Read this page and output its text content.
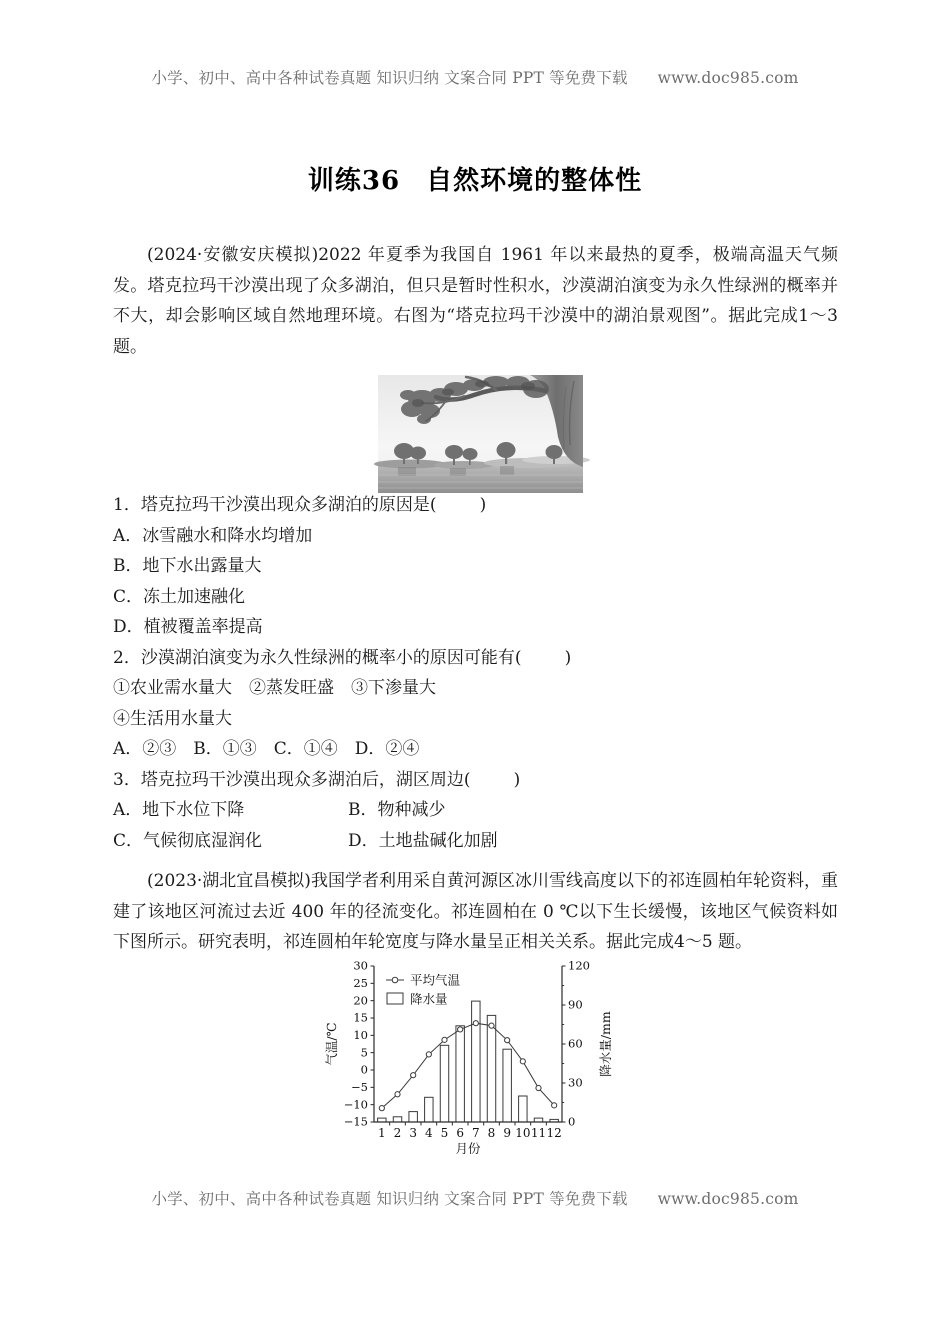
小学、初中、高中各种试卷真题 知识归纳 文案合同 PPT 等免费下载 www.doc985.com
训练36 自然环境的整体性

(2024·安徽安庆模拟)2022 年夏季为我国自 1961 年以来最热的夏季，极端高温天气频发。塔克拉玛干沙漠出现了众多湖泊，但只是暂时性积水，沙漠湖泊演变为永久性绿洲的概率并不大，却会影响区域自然地理环境。右图为“塔克拉玛干沙漠中的湖泊景观图”。据此完成1～3 题。

1．塔克拉玛干沙漠出现众多湖泊的原因是(        )
A．冰雪融水和降水均增加
B．地下水出露量大
C．冻土加速融化
D．植被覆盖率提高
2．沙漠湖泊演变为永久性绿洲的概率小的原因可能有(        )
①农业需水量大　②蒸发旺盛　③下渗量大
④生活用水量大
A．②③　B．①③　C．①④　D．②④
3．塔克拉玛干沙漠出现众多湖泊后，湖区周边(        )
A．地下水位下降	B．物种减少
C．气候彻底湿润化	D．土地盐碱化加剧

(2023·湖北宜昌模拟)我国学者利用采自黄河源区冰川雪线高度以下的祁连圆柏年轮资料，重建了该地区河流过去近 400 年的径流变化。祁连圆柏在 0 ℃以下生长缓慢，该地区气候资料如下图所示。研究表明，祁连圆柏年轮宽度与降水量呈正相关关系。据此完成4～5 题。

−15
−10
−5
0
5
10
15
20
25
30
0
30
60
90
120
1 2 3 4 5 6 7 8 9 10 11 12
月份
气温/℃	降水量/mm
平均气温
降水量
小学、初中、高中各种试卷真题 知识归纳 文案合同 PPT 等免费下载 www.doc985.com
